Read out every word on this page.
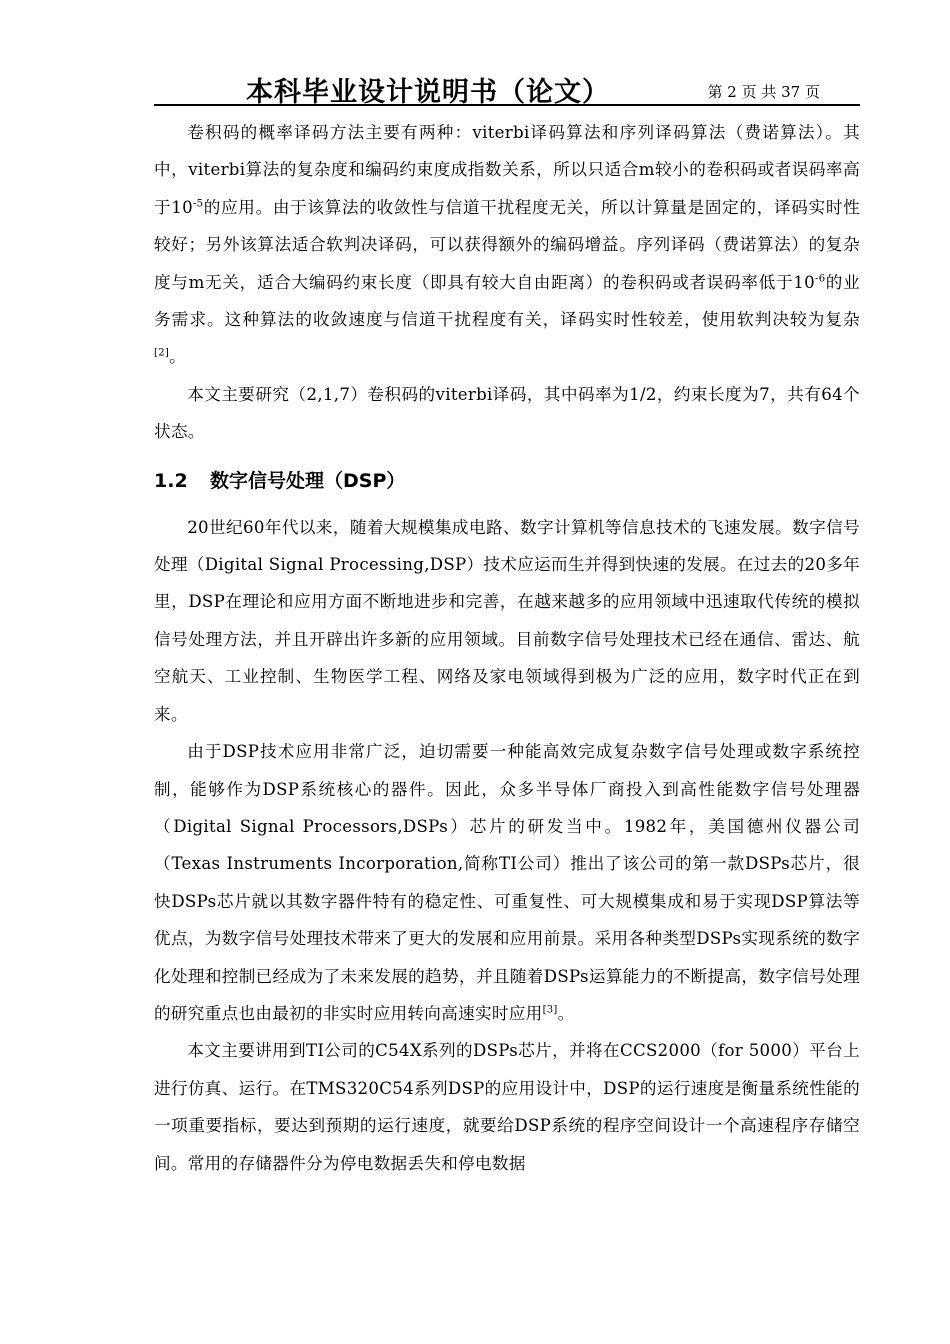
本科毕业设计说明书（论文）	第 2 页 共 37 页

卷积码的概率译码方法主要有两种：viterbi译码算法和序列译码算法（费诺算法）。其中，viterbi算法的复杂度和编码约束度成指数关系，所以只适合m较小的卷积码或者误码率高于$10^{-5}$的应用。由于该算法的收敛性与信道干扰程度无关，所以计算量是固定的，译码实时性较好；另外该算法适合软判决译码，可以获得额外的编码增益。序列译码（费诺算法）的复杂度与m无关，适合大编码约束长度（即具有较大自由距离）的卷积码或者误码率低于$10^{-6}$的业务需求。这种算法的收敛速度与信道干扰程度有关，译码实时性较差，使用软判决较为复杂[2]。

本文主要研究（2,1,7）卷积码的viterbi译码，其中码率为1/2，约束长度为7，共有64个状态。

1.2 数字信号处理（DSP）

20世纪60年代以来，随着大规模集成电路、数字计算机等信息技术的飞速发展。数字信号处理（Digital Signal Processing,DSP）技术应运而生并得到快速的发展。在过去的20多年里，DSP在理论和应用方面不断地进步和完善，在越来越多的应用领域中迅速取代传统的模拟信号处理方法，并且开辟出许多新的应用领域。目前数字信号处理技术已经在通信、雷达、航空航天、工业控制、生物医学工程、网络及家电领域得到极为广泛的应用，数字时代正在到来。

由于DSP技术应用非常广泛，迫切需要一种能高效完成复杂数字信号处理或数字系统控制，能够作为DSP系统核心的器件。因此，众多半导体厂商投入到高性能数字信号处理器（Digital Signal Processors,DSPs）芯片的研发当中。1982年，美国德州仪器公司（Texas Instruments Incorporation,简称TI公司）推出了该公司的第一款DSPs芯片，很快DSPs芯片就以其数字器件特有的稳定性、可重复性、可大规模集成和易于实现DSP算法等优点，为数字信号处理技术带来了更大的发展和应用前景。采用各种类型DSPs实现系统的数字化处理和控制已经成为了未来发展的趋势，并且随着DSPs运算能力的不断提高，数字信号处理的研究重点也由最初的非实时应用转向高速实时应用[3]。

本文主要讲用到TI公司的C54X系列的DSPs芯片，并将在CCS2000（for 5000）平台上进行仿真、运行。在TMS320C54系列DSP的应用设计中，DSP的运行速度是衡量系统性能的一项重要指标，要达到预期的运行速度，就要给DSP系统的程序空间设计一个高速程序存储空间。常用的存储器件分为停电数据丢失和停电数据
